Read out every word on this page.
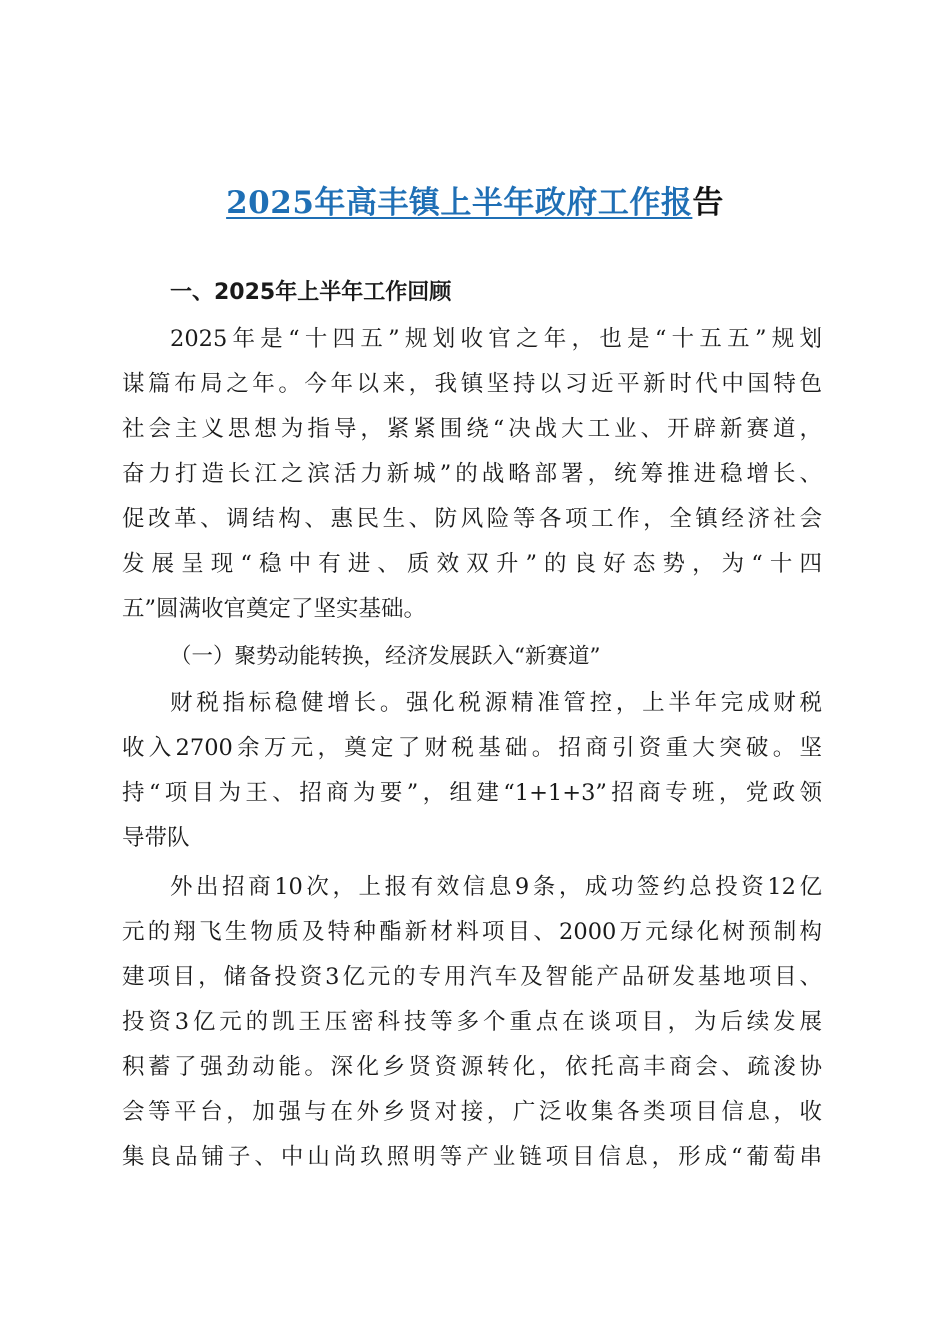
2025年高丰镇上半年政府工作报告
一、2025年上半年工作回顾
2025年是“十四五”规划收官之年，也是“十五五”规划
谋篇布局之年。今年以来，我镇坚持以习近平新时代中国特色
社会主义思想为指导，紧紧围绕“决战大工业、开辟新赛道，
奋力打造长江之滨活力新城”的战略部署，统筹推进稳增长、
促改革、调结构、惠民生、防风险等各项工作，全镇经济社会
发展呈现“稳中有进、质效双升”的良好态势，为“十四
五”圆满收官奠定了坚实基础。
（一）聚势动能转换，经济发展跃入“新赛道”
财税指标稳健增长。强化税源精准管控，上半年完成财税
收入2700余万元，奠定了财税基础。招商引资重大突破。坚
持“项目为王、招商为要”，组建“1+1+3”招商专班，党政领
导带队
外出招商10次，上报有效信息9条，成功签约总投资12亿
元的翔飞生物质及特种酯新材料项目、2000万元绿化树预制构
建项目，储备投资3亿元的专用汽车及智能产品研发基地项目、
投资3亿元的凯王压密科技等多个重点在谈项目，为后续发展
积蓄了强劲动能。深化乡贤资源转化，依托高丰商会、疏浚协
会等平台，加强与在外乡贤对接，广泛收集各类项目信息，收
集良品铺子、中山尚玖照明等产业链项目信息，形成“葡萄串
